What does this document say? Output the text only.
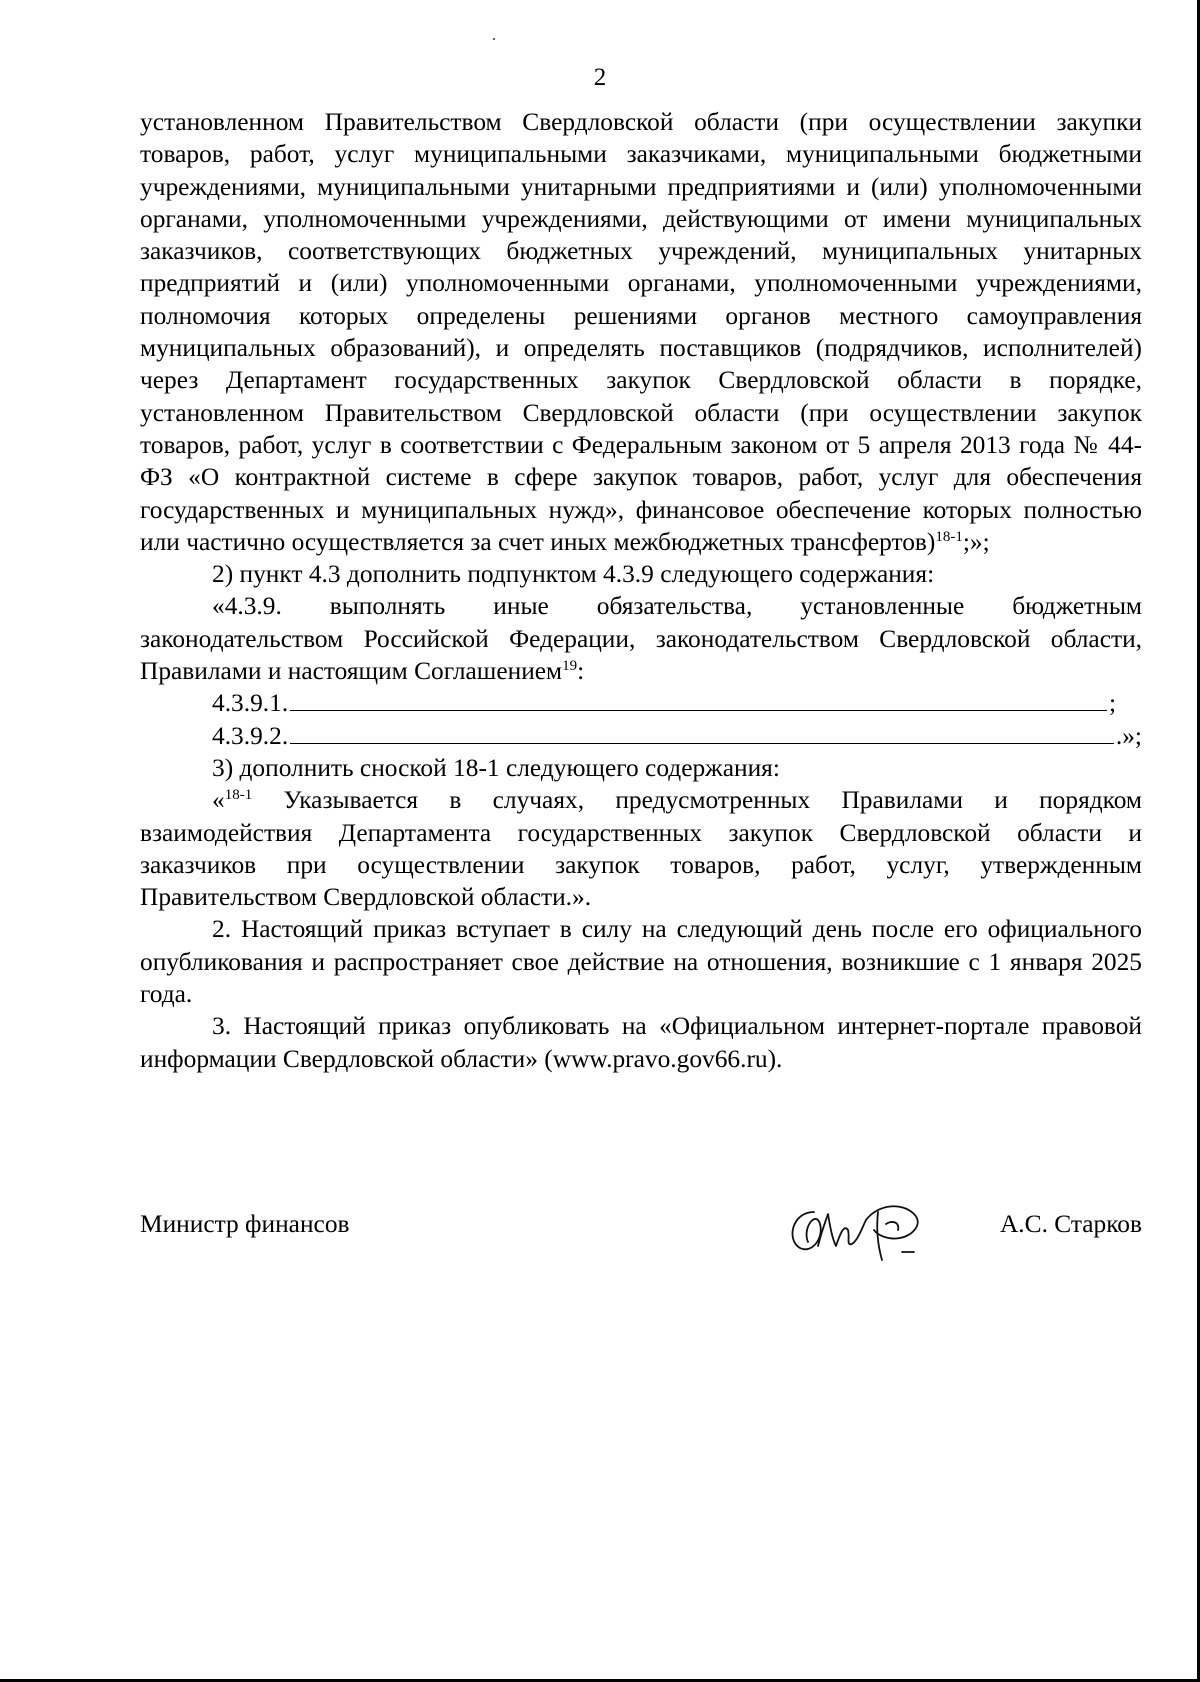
2

установленном Правительством Свердловской области (при осуществлении закупки товаров, работ, услуг муниципальными заказчиками, муниципальными бюджетными учреждениями, муниципальными унитарными предприятиями и (или) уполномоченными органами, уполномоченными учреждениями, действующими от имени муниципальных заказчиков, соответствующих бюджетных учреждений, муниципальных унитарных предприятий и (или) уполномоченными органами, уполномоченными учреждениями, полномочия которых определены решениями органов местного самоуправления муниципальных образований), и определять поставщиков (подрядчиков, исполнителей) через Департамент государственных закупок Свердловской области в порядке, установленном Правительством Свердловской области (при осуществлении закупок товаров, работ, услуг в соответствии с Федеральным законом от 5 апреля 2013 года № 44-ФЗ «О контрактной системе в сфере закупок товаров, работ, услуг для обеспечения государственных и муниципальных нужд», финансовое обеспечение которых полностью или частично осуществляется за счет иных межбюджетных трансфертов)$^{18-1}$;»;

2) пункт 4.3 дополнить подпунктом 4.3.9 следующего содержания:

«4.3.9. выполнять иные обязательства, установленные бюджетным законодательством Российской Федерации, законодательством Свердловской области, Правилами и настоящим Соглашением$^{19}$:

4.3.9.1.	;
4.3.9.2.	.»;

3) дополнить сноской 18-1 следующего содержания:

«$^{18-1}$ Указывается в случаях, предусмотренных Правилами и порядком взаимодействия Департамента государственных закупок Свердловской области и заказчиков при осуществлении закупок товаров, работ, услуг, утвержденным Правительством Свердловской области.».

2. Настоящий приказ вступает в силу на следующий день после его официального опубликования и распространяет свое действие на отношения, возникшие с 1 января 2025 года.

3. Настоящий приказ опубликовать на «Официальном интернет-портале правовой информации Свердловской области» (www.pravo.gov66.ru).

Министр финансов	А.С. Старков
